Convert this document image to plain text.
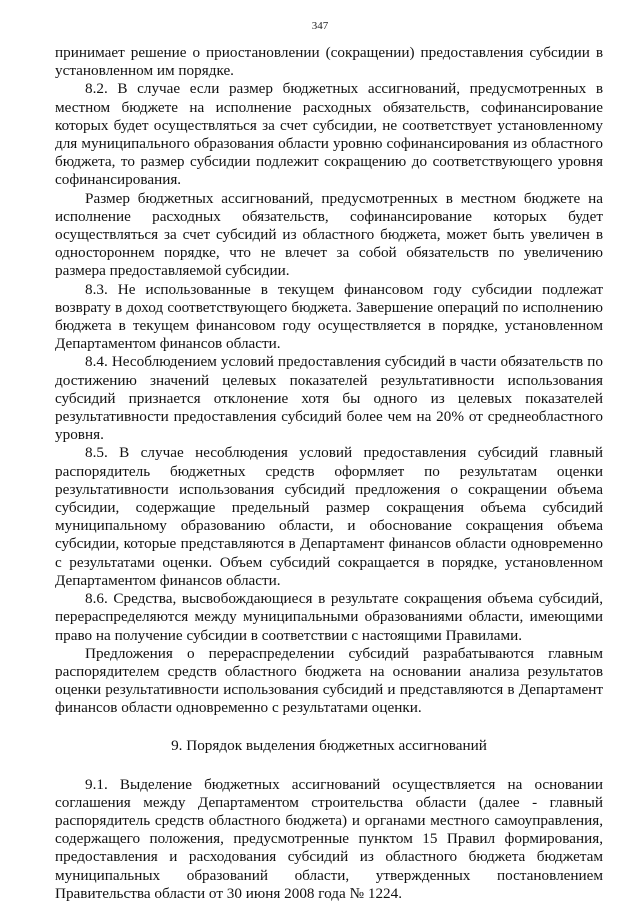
347

принимает решение о приостановлении (сокращении) предоставления субсидии в установленном им порядке.

8.2. В случае если размер бюджетных ассигнований, предусмотренных в местном бюджете на исполнение расходных обязательств, софинансирование которых будет осуществляться за счет субсидии, не соответствует установленному для муниципального образования области уровню софинансирования из областного бюджета, то размер субсидии подлежит сокращению до соответствующего уровня софинансирования.

Размер бюджетных ассигнований, предусмотренных в местном бюджете на исполнение расходных обязательств, софинансирование которых будет осуществляться за счет субсидий из областного бюджета, может быть увеличен в одностороннем порядке, что не влечет за собой обязательств по увеличению размера предоставляемой субсидии.

8.3. Не использованные в текущем финансовом году субсидии подлежат возврату в доход соответствующего бюджета. Завершение операций по исполнению бюджета в текущем финансовом году осуществляется в порядке, установленном Департаментом финансов области.

8.4. Несоблюдением условий предоставления субсидий в части обязательств по достижению значений целевых показателей результативности использования субсидий признается отклонение хотя бы одного из целевых показателей результативности предоставления субсидий более чем на 20% от среднеобластного уровня.

8.5. В случае несоблюдения условий предоставления субсидий главный распорядитель бюджетных средств оформляет по результатам оценки результативности использования субсидий предложения о сокращении объема субсидии, содержащие предельный размер сокращения объема субсидий муниципальному образованию области, и обоснование сокращения объема субсидии, которые представляются в Департамент финансов области одновременно с результатами оценки. Объем субсидий сокращается в порядке, установленном Департаментом финансов области.

8.6. Средства, высвобождающиеся в результате сокращения объема субсидий, перераспределяются между муниципальными образованиями области, имеющими право на получение субсидии в соответствии с настоящими Правилами.

Предложения о перераспределении субсидий разрабатываются главным распорядителем средств областного бюджета на основании анализа результатов оценки результативности использования субсидий и представляются в Департамент финансов области одновременно с результатами оценки.

9. Порядок выделения бюджетных ассигнований

9.1. Выделение бюджетных ассигнований осуществляется на основании соглашения между Департаментом строительства области (далее - главный распорядитель средств областного бюджета) и органами местного самоуправления, содержащего положения, предусмотренные пунктом 15 Правил формирования, предоставления и расходования субсидий из областного бюджета бюджетам муниципальных образований области, утвержденных постановлением Правительства области от 30 июня 2008 года № 1224.
